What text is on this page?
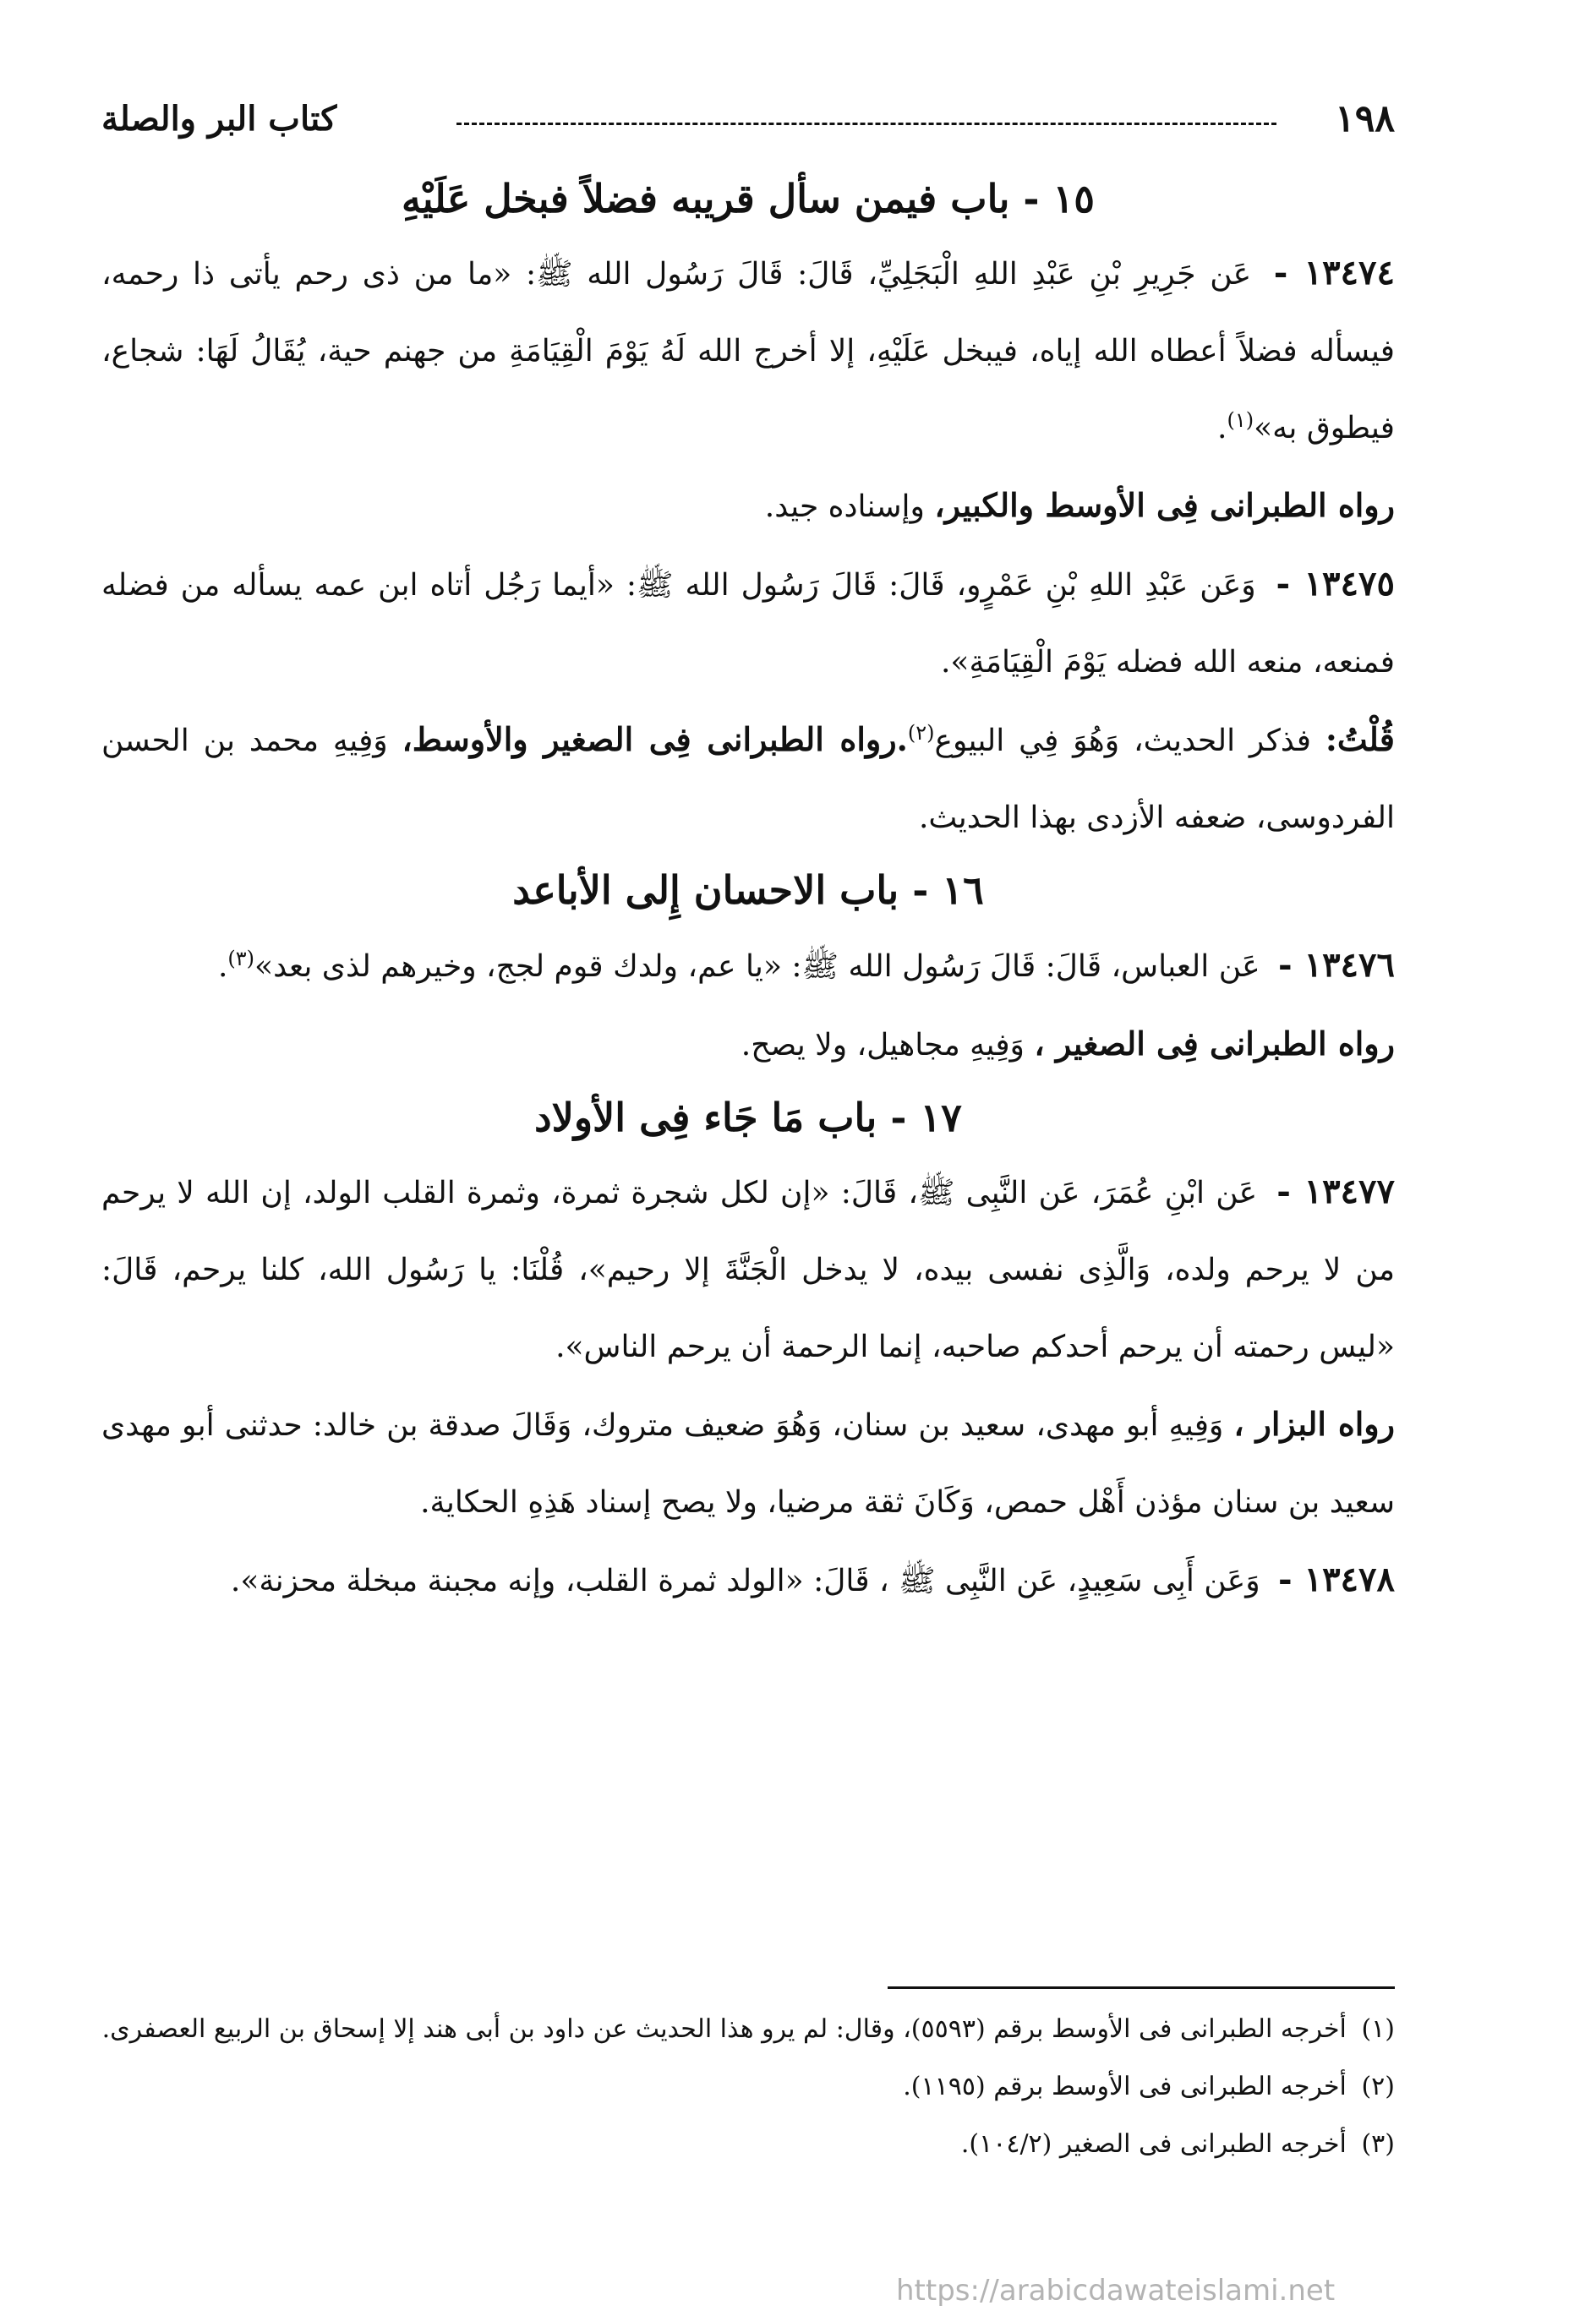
١٩٨
كتاب البر والصلة
١٥ - باب فيمن سأل قريبه فضلاً فبخل عَلَيْهِ

١٣٤٧٤ - عَن جَرِيرِ بْنِ عَبْدِ اللهِ الْبَجَلِيِّ، قَالَ: قَالَ رَسُول الله ﷺ: «ما من ذى رحم يأتى ذا رحمه، فيسأله فضلاً أعطاه الله إياه، فيبخل عَلَيْهِ، إلا أخرج الله لَهُ يَوْمَ الْقِيَامَةِ من جهنم حية، يُقَالُ لَهَا: شجاع، فيطوق به»$^{(١)}$.

رواه الطبرانى فِى الأوسط والكبير، وإسناده جيد.

١٣٤٧٥ - وَعَن عَبْدِ اللهِ بْنِ عَمْرٍو، قَالَ: قَالَ رَسُول الله ﷺ: «أيما رَجُل أتاه ابن عمه يسأله من فضله فمنعه، منعه الله فضله يَوْمَ الْقِيَامَةِ».

قُلْتُ: فذكر الحديث، وَهُوَ فِي البيوع$^{(٢)}$.رواه الطبرانى فِى الصغير والأوسط، وَفِيهِ محمد بن الحسن الفردوسى، ضعفه الأزدى بهذا الحديث.

١٦ - باب الاحسان إِلى الأباعد

١٣٤٧٦ - عَن العباس، قَالَ: قَالَ رَسُول الله ﷺ: «يا عم، ولدك قوم لجج، وخيرهم لذى بعد»$^{(٣)}$.

رواه الطبرانى فِى الصغير ، وَفِيهِ مجاهيل، ولا يصح.

١٧ - باب مَا جَاء فِى الأولاد

١٣٤٧٧ - عَن ابْنِ عُمَرَ، عَن النَّبِى ﷺ، قَالَ: «إن لكل شجرة ثمرة، وثمرة القلب الولد، إن الله لا يرحم من لا يرحم ولده، وَالَّذِى نفسى بيده، لا يدخل الْجَنَّةَ إلا رحيم»، قُلْنَا: يا رَسُول الله، كلنا يرحم، قَالَ: «ليس رحمته أن يرحم أحدكم صاحبه، إنما الرحمة أن يرحم الناس».

رواه البزار ، وَفِيهِ أبو مهدى، سعيد بن سنان، وَهُوَ ضعيف متروك، وَقَالَ صدقة بن خالد: حدثنى أبو مهدى سعيد بن سنان مؤذن أَهْل حمص، وَكَانَ ثقة مرضيا، ولا يصح إسناد هَذِهِ الحكاية.

١٣٤٧٨ - وَعَن أَبِى سَعِيدٍ، عَن النَّبِى ﷺ ، قَالَ: «الولد ثمرة القلب، وإنه مجبنة مبخلة محزنة».

(١) أخرجه الطبرانى فى الأوسط برقم (٥٥٩٣)، وقال: لم يرو هذا الحديث عن داود بن أبى هند إلا إسحاق بن الربيع العصفرى.

(٢) أخرجه الطبرانى فى الأوسط برقم (١١٩٥).

(٣) أخرجه الطبرانى فى الصغير (١٠٤/٢).

https://arabicdawateislami.net
